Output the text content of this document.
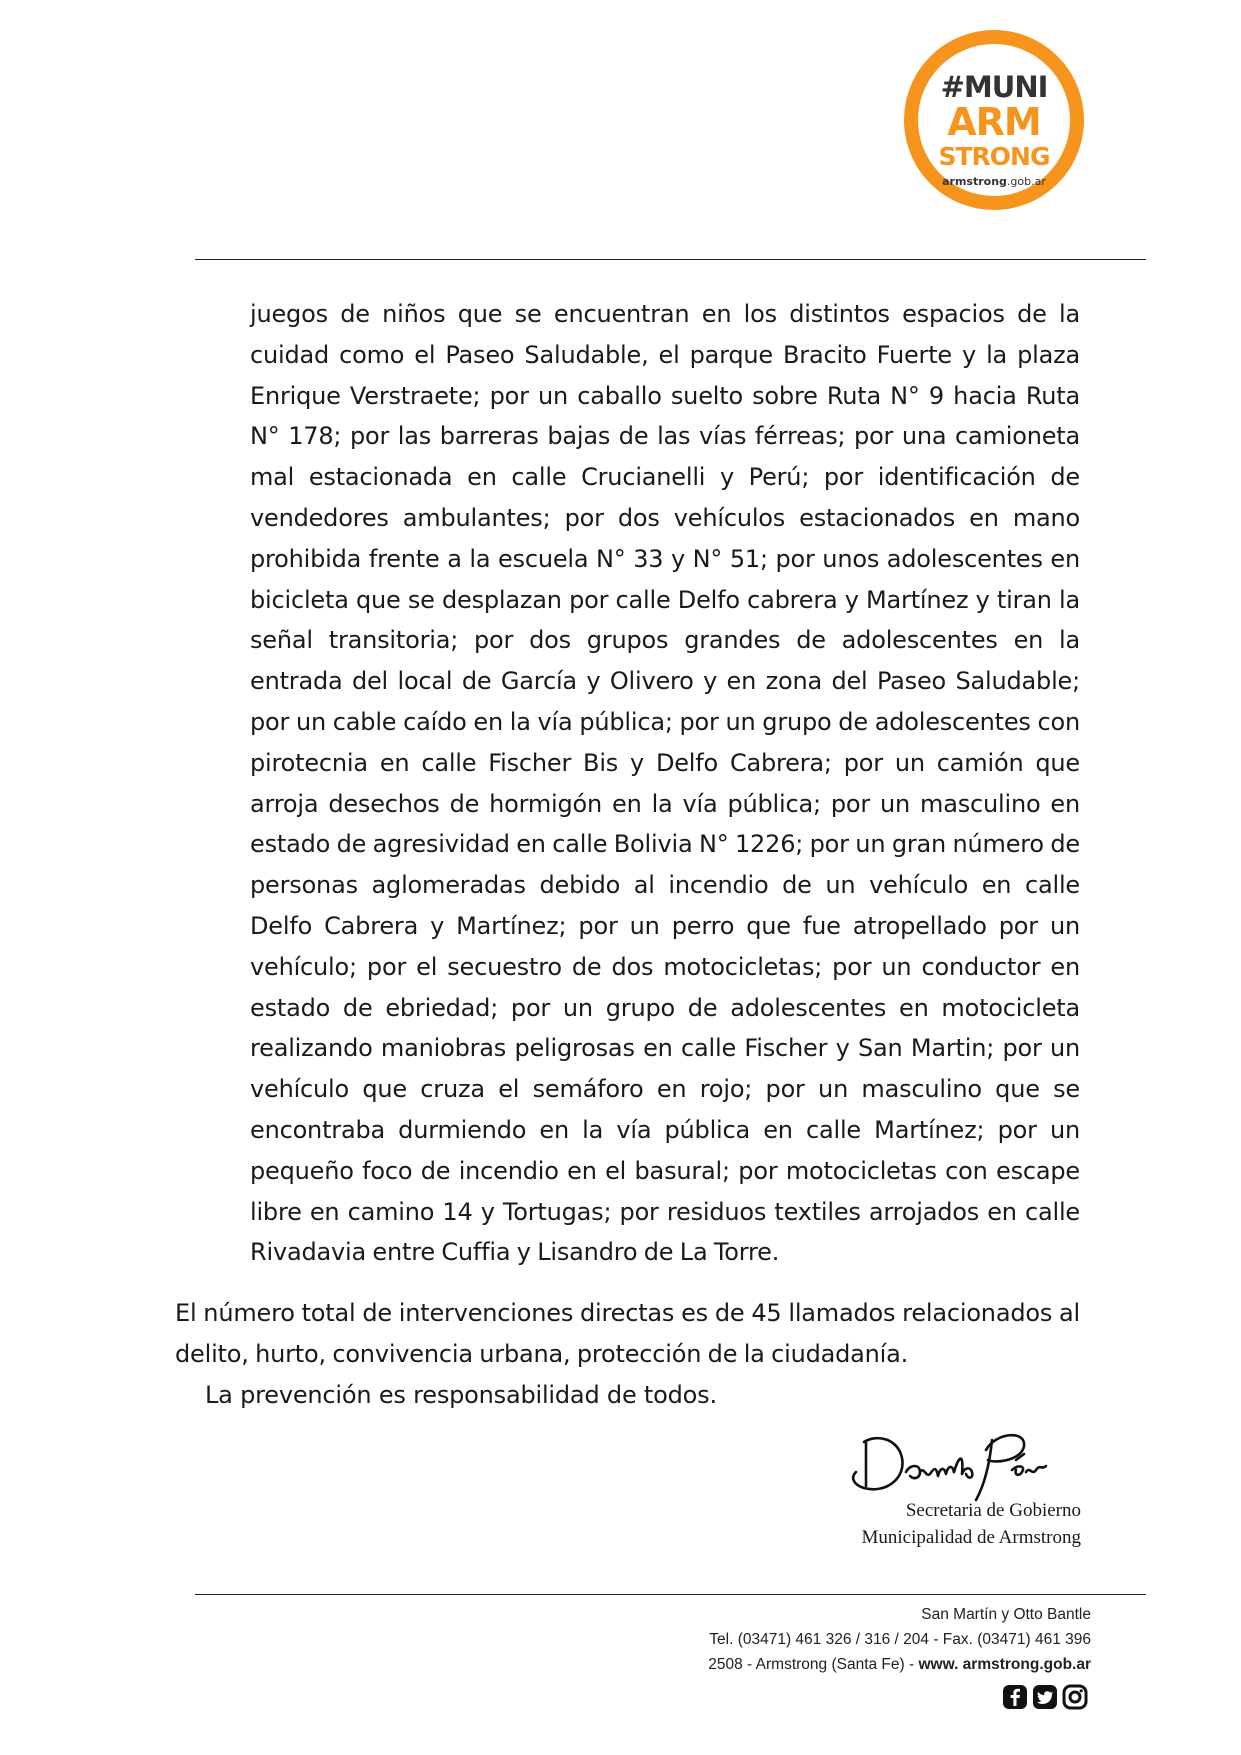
#MUNI
ARM
STRONG
armstrong.gob.ar

juegos de niños que se encuentran en los distintos espacios de la cuidad como el Paseo Saludable, el parque Bracito Fuerte y la plaza Enrique Verstraete; por un caballo suelto sobre Ruta N° 9 hacia Ruta N° 178; por las barreras bajas de las vías férreas; por una camioneta mal estacionada en calle Crucianelli y Perú; por identificación de vendedores ambulantes; por dos vehículos estacionados en mano prohibida frente a la escuela N° 33 y N° 51; por unos adolescentes en bicicleta que se desplazan por calle Delfo cabrera y Martínez y tiran la señal transitoria; por dos grupos grandes de adolescentes en la entrada del local de García y Olivero y en zona del Paseo Saludable; por un cable caído en la vía pública; por un grupo de adolescentes con pirotecnia en calle Fischer Bis y Delfo Cabrera; por un camión que arroja desechos de hormigón en la vía pública; por un masculino en estado de agresividad en calle Bolivia N° 1226; por un gran número de personas aglomeradas debido al incendio de un vehículo en calle Delfo Cabrera y Martínez; por un perro que fue atropellado por un vehículo; por el secuestro de dos motocicletas; por un conductor en estado de ebriedad; por un grupo de adolescentes en motocicleta realizando maniobras peligrosas en calle Fischer y San Martin; por un vehículo que cruza el semáforo en rojo; por un masculino que se encontraba durmiendo en la vía pública en calle Martínez; por un pequeño foco de incendio en el basural; por motocicletas con escape libre en camino 14 y Tortugas; por residuos textiles arrojados en calle Rivadavia entre Cuffia y Lisandro de La Torre.

El número total de intervenciones directas es de 45 llamados relacionados al delito, hurto, convivencia urbana, protección de la ciudadanía.

La prevención es responsabilidad de todos.

Secretaria de Gobierno
Municipalidad de Armstrong
San Martín y Otto Bantle
Tel. (03471) 461 326 / 316 / 204 - Fax. (03471) 461 396
2508 - Armstrong (Santa Fe) - www. armstrong.gob.ar
